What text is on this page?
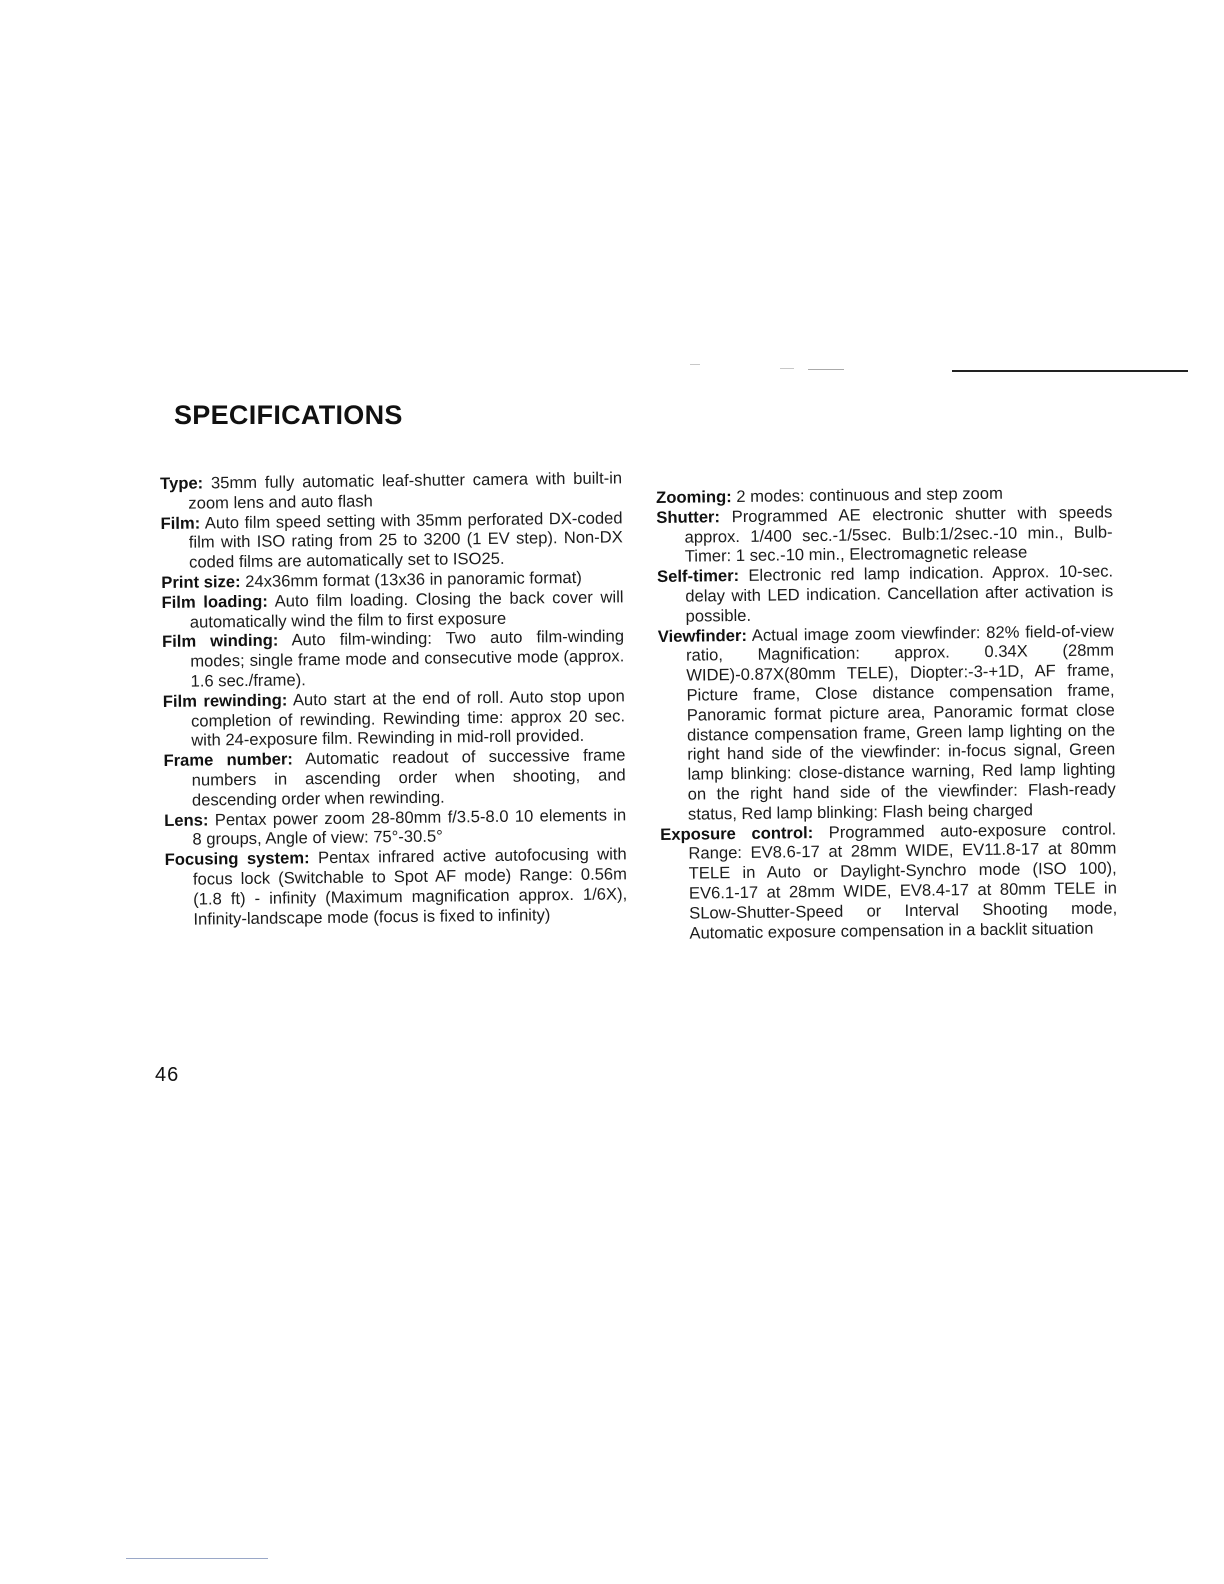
SPECIFICATIONS

Type: 35mm fully automatic leaf-shutter camera with built-in zoom lens and auto flash

Film: Auto film speed setting with 35mm perforated DX-coded film with ISO rating from 25 to 3200 (1 EV step). Non-DX coded films are automatically set to ISO25.

Print size: 24x36mm format (13x36 in panoramic format)

Film loading: Auto film loading. Closing the back cover will automatically wind the film to first exposure

Film winding: Auto film-winding: Two auto film-winding modes; single frame mode and consecutive mode (approx. 1.6 sec./frame).

Film rewinding: Auto start at the end of roll. Auto stop upon completion of rewinding. Rewinding time: approx 20 sec. with 24-exposure film. Rewinding in mid-roll provided.

Frame number: Automatic readout of successive frame numbers in ascending order when shooting, and descending order when rewinding.

Lens: Pentax power zoom 28-80mm f/3.5-8.0 10 elements in 8 groups, Angle of view: 75°-30.5°

Focusing system: Pentax infrared active autofocusing with focus lock (Switchable to Spot AF mode) Range: 0.56m (1.8 ft) - infinity (Maximum magnification approx. 1/6X), Infinity-landscape mode (focus is fixed to infinity)

Zooming: 2 modes: continuous and step zoom

Shutter: Programmed AE electronic shutter with speeds approx. 1/400 sec.-1/5sec. Bulb:1/2sec.-10 min., Bulb-Timer: 1 sec.-10 min., Electromagnetic release

Self-timer: Electronic red lamp indication. Approx. 10-sec. delay with LED indication. Cancellation after activation is possible.

Viewfinder: Actual image zoom viewfinder: 82% field-of-view ratio, Magnification: approx. 0.34X (28mm WIDE)-0.87X(80mm TELE), Diopter:-3-+1D, AF frame, Picture frame, Close distance compensation frame, Panoramic format picture area, Panoramic format close distance compensation frame, Green lamp lighting on the right hand side of the viewfinder: in-focus signal, Green lamp blinking: close-distance warning, Red lamp lighting on the right hand side of the viewfinder: Flash-ready status, Red lamp blinking: Flash being charged

Exposure control: Programmed auto-exposure control. Range: EV8.6-17 at 28mm WIDE, EV11.8-17 at 80mm TELE in Auto or Daylight-Synchro mode (ISO 100), EV6.1-17 at 28mm WIDE, EV8.4-17 at 80mm TELE in SLow-Shutter-Speed or Interval Shooting mode, Automatic exposure compensation in a backlit situation

46
